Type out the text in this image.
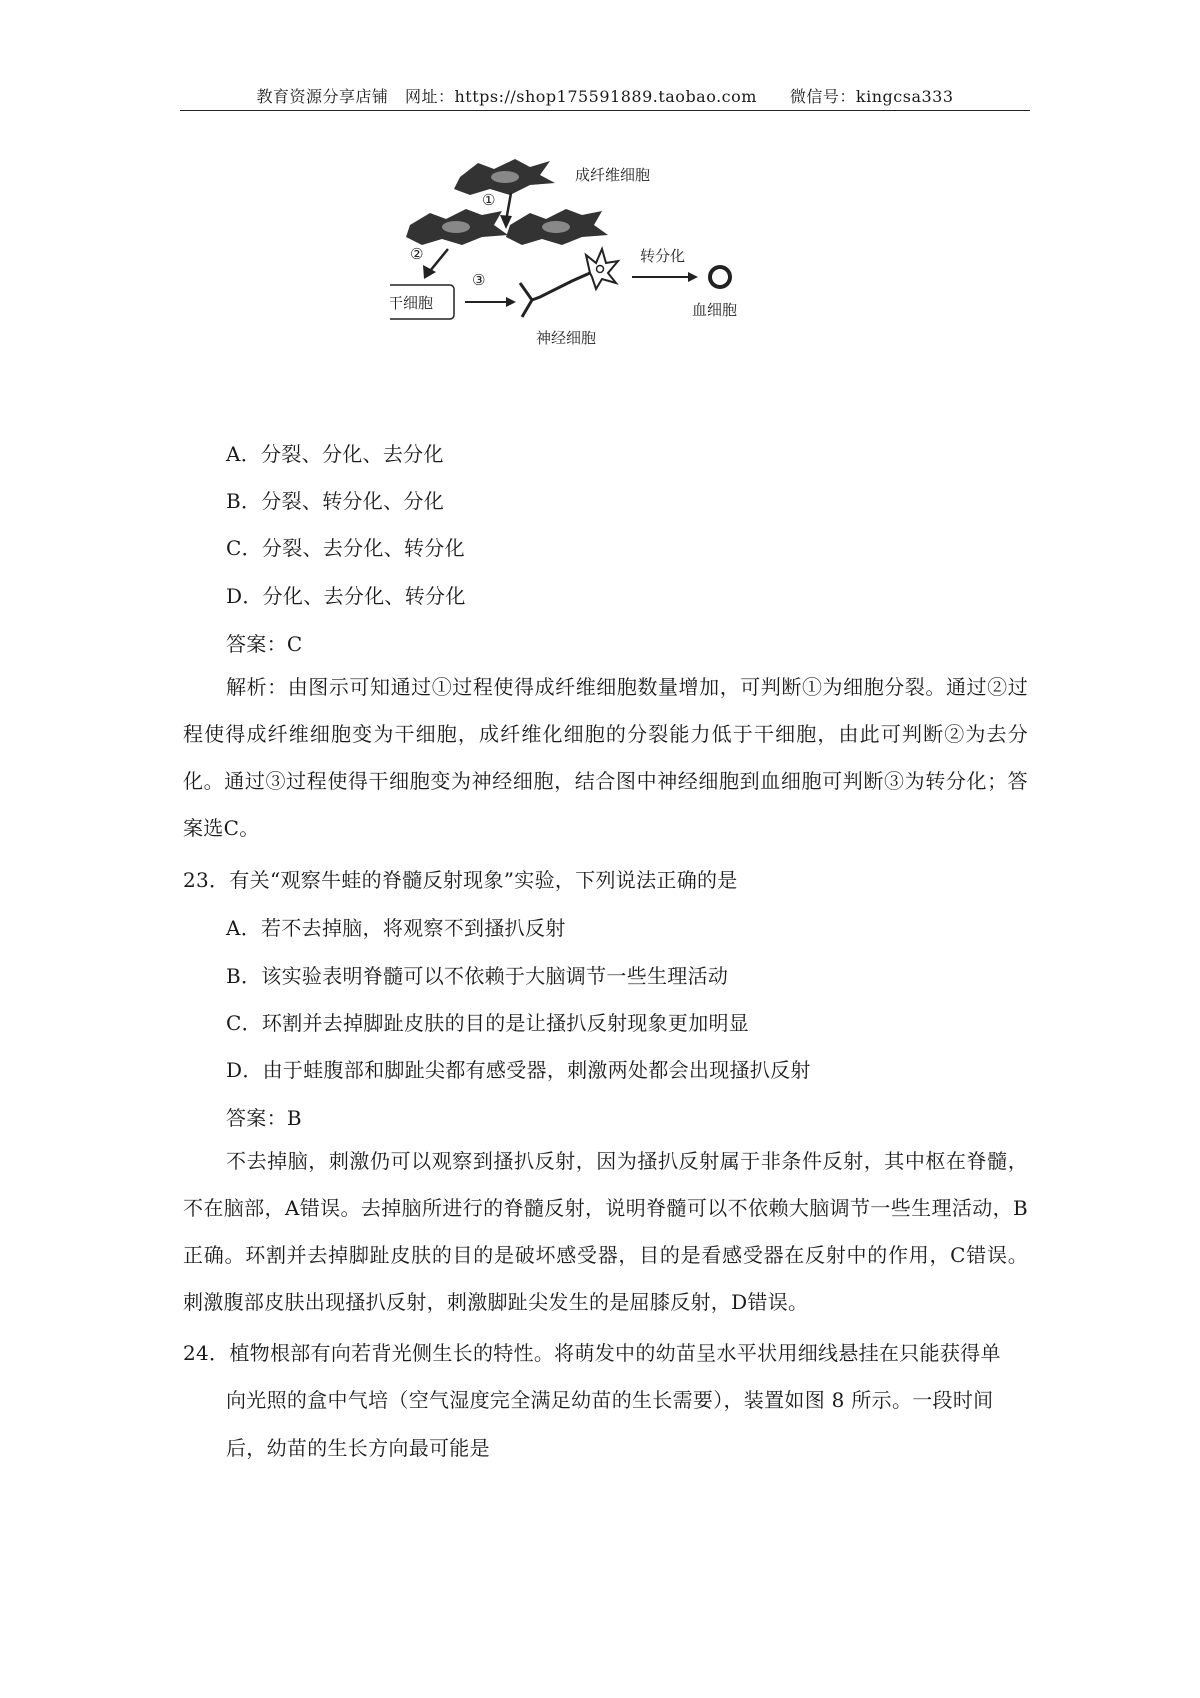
教育资源分享店铺　网址：https://shop175591889.taobao.com　　微信号：kingcsa333
①
②
干细胞
③
神经细胞
转分化
血细胞
成纤维细胞
A．分裂、分化、去分化
B．分裂、转分化、分化
C．分裂、去分化、转分化
D．分化、去分化、转分化
答案：C
解析：由图示可知通过①过程使得成纤维细胞数量增加，可判断①为细胞分裂。通过②过程使得成纤维细胞变为干细胞，成纤维化细胞的分裂能力低于干细胞，由此可判断②为去分化。通过③过程使得干细胞变为神经细胞，结合图中神经细胞到血细胞可判断③为转分化；答案选C。
23．有关“观察牛蛙的脊髓反射现象”实验，下列说法正确的是
A．若不去掉脑，将观察不到搔扒反射
B．该实验表明脊髓可以不依赖于大脑调节一些生理活动
C．环割并去掉脚趾皮肤的目的是让搔扒反射现象更加明显
D．由于蛙腹部和脚趾尖都有感受器，刺激两处都会出现搔扒反射
答案：B
不去掉脑，刺激仍可以观察到搔扒反射，因为搔扒反射属于非条件反射，其中枢在脊髓，不在脑部，A错误。去掉脑所进行的脊髓反射，说明脊髓可以不依赖大脑调节一些生理活动，B正确。环割并去掉脚趾皮肤的目的是破坏感受器，目的是看感受器在反射中的作用，C错误。刺激腹部皮肤出现搔扒反射，刺激脚趾尖发生的是屈膝反射，D错误。
24．植物根部有向若背光侧生长的特性。将萌发中的幼苗呈水平状用细线悬挂在只能获得单
向光照的盒中气培（空气湿度完全满足幼苗的生长需要），装置如图 8 所示。一段时间
后，幼苗的生长方向最可能是
